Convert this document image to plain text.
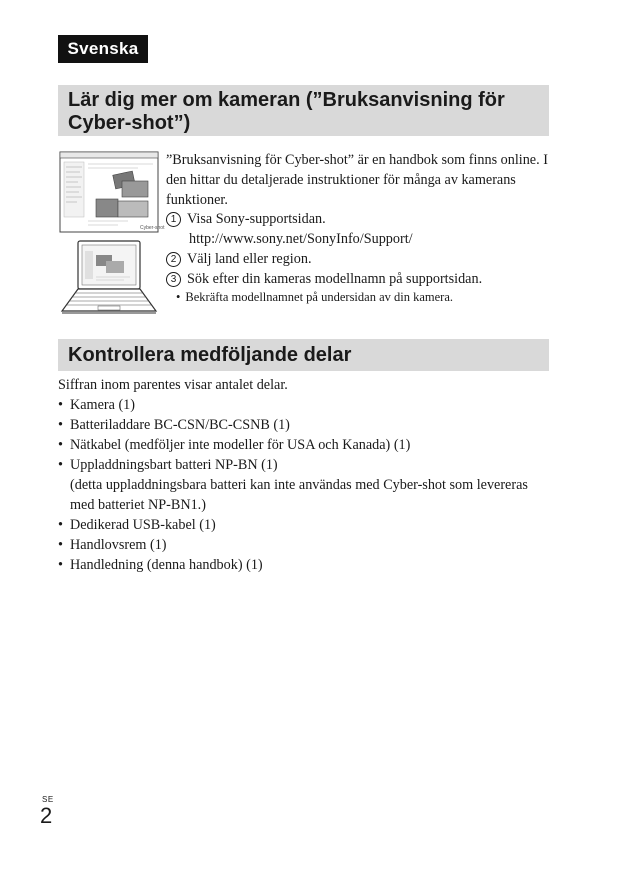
Svenska
Lär dig mer om kameran (”Bruksanvisning för Cyber-shot”)
Cyber-shot

”Bruksanvisning för Cyber-shot” är en handbok som finns online. I den hittar du detaljerade instruktioner för många av kamerans funktioner.

1 Visa Sony-supportsidan.
http://www.sony.net/SonyInfo/Support/
2 Välj land eller region.
3 Sök efter din kameras modellnamn på supportsidan.
• Bekräfta modellnamnet på undersidan av din kamera.
Kontrollera medföljande delar
Siffran inom parentes visar antalet delar.
• Kamera (1)
• Batteriladdare BC-CSN/BC-CSNB (1)
• Nätkabel (medföljer inte modeller för USA och Kanada) (1)
• Uppladdningsbart batteri NP-BN (1)
(detta uppladdningsbara batteri kan inte användas med Cyber-shot som levereras med batteriet NP-BN1.)
• Dedikerad USB-kabel (1)
• Handlovsrem (1)
• Handledning (denna handbok) (1)
SE
2
